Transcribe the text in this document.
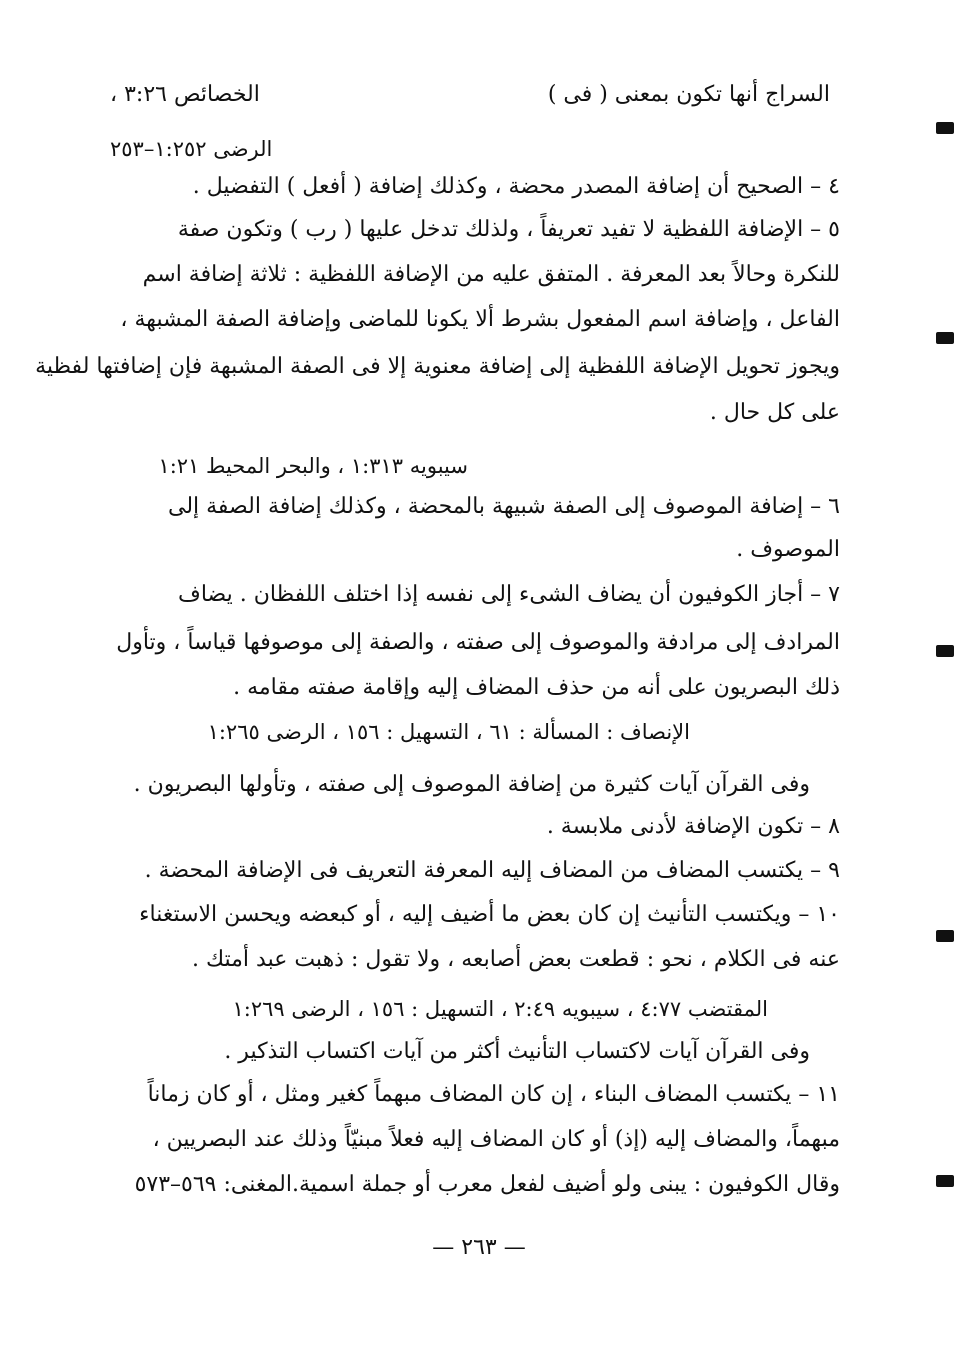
السراج أنها تكون بمعنى ( فى )
الخصائص ٣:٢٦ ،
الرضى ١:٢٥٢–٢٥٣
٤ – الصحيح أن إضافة المصدر محضة ، وكذلك إضافة ( أفعل ) التفضيل .
٥ – الإضافة اللفظية لا تفيد تعريفاً ، ولذلك تدخل عليها ( رب ) وتكون صفة
للنكرة وحالاً بعد المعرفة . المتفق عليه من الإضافة اللفظية : ثلاثة إضافة اسم
الفاعل ، وإضافة اسم المفعول بشرط ألا يكونا للماضى وإضافة الصفة المشبهة ،
ويجوز تحويل الإضافة اللفظية إلى إضافة معنوية إلا فى الصفة المشبهة فإن إضافتها لفظية
على كل حال .
سيبويه ١:٣١٣ ، والبحر المحيط ١:٢١
٦ – إضافة الموصوف إلى الصفة شبيهة بالمحضة ، وكذلك إضافة الصفة إلى
الموصوف .
٧ – أجاز الكوفيون أن يضاف الشىء إلى نفسه إذا اختلف اللفظان . يضاف
المرادف إلى مرادفة والموصوف إلى صفته ، والصفة إلى موصوفها قياساً ، وتأول
ذلك البصريون على أنه من حذف المضاف إليه وإقامة صفته مقامه .
الإنصاف : المسألة : ٦١ ، التسهيل : ١٥٦ ، الرضى ١:٢٦٥
وفى القرآن آيات كثيرة من إضافة الموصوف إلى صفته ، وتأولها البصريون .
٨ – تكون الإضافة لأدنى ملابسة .
٩ – يكتسب المضاف من المضاف إليه المعرفة التعريف فى الإضافة المحضة .
١٠ – ويكتسب التأنيث إن كان بعض ما أضيف إليه ، أو كبعضه ويحسن الاستغناء
عنه فى الكلام ، نحو : قطعت بعض أصابعه ، ولا تقول : ذهبت عبد أمتك .
المقتضب ٤:٧٧ ، سيبويه ٢:٤٩ ، التسهيل : ١٥٦ ، الرضى ١:٢٦٩
وفى القرآن آيات لاكتساب التأنيث أكثر من آيات اكتساب التذكير .
١١ – يكتسب المضاف البناء ، إن كان المضاف مبهماً كغير ومثل ، أو كان زماناً
مبهماً، والمضاف إليه (إذ) أو كان المضاف إليه فعلاً مبنيّاً وذلك عند البصريين ،
وقال الكوفيون : يبنى ولو أضيف لفعل معرب أو جملة اسمية.المغنى: ٥٦٩–٥٧٣
— ٢٦٣ —
